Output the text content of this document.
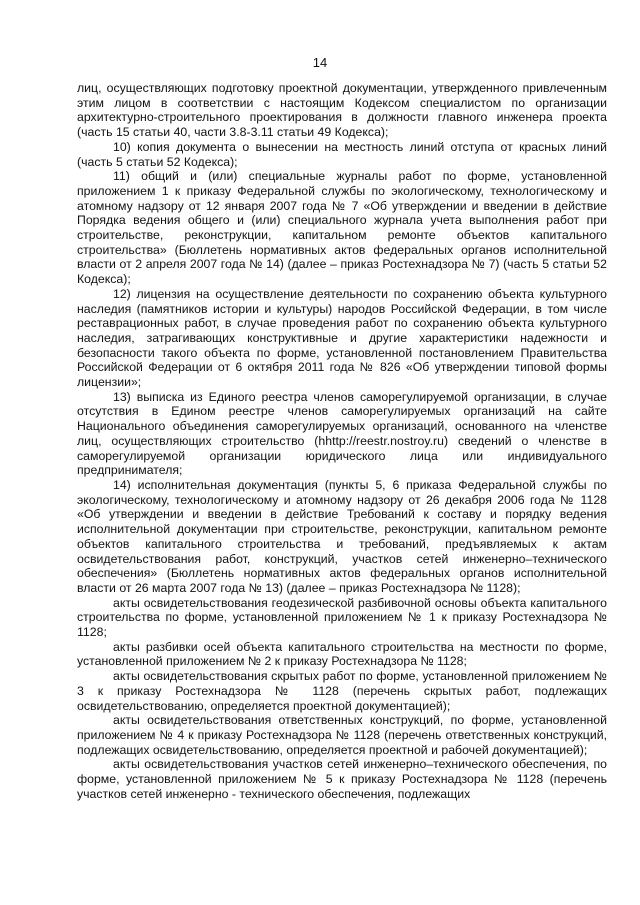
14

лиц, осуществляющих подготовку проектной документации, утвержденного привлеченным этим лицом в соответствии с настоящим Кодексом специалистом по организации архитектурно-строительного проектирования в должности главного инженера проекта (часть 15 статьи 40, части 3.8-3.11 статьи 49 Кодекса);

10) копия документа о вынесении на местность линий отступа от красных линий (часть 5 статьи 52 Кодекса);

11) общий и (или) специальные журналы работ по форме, установленной приложением 1 к приказу Федеральной службы по экологическому, технологическому и атомному надзору от 12 января 2007 года № 7 «Об утверждении и введении в действие Порядка ведения общего и (или) специального журнала учета выполнения работ при строительстве, реконструкции, капитальном ремонте объектов капитального строительства» (Бюллетень нормативных актов федеральных органов исполнительной власти от 2 апреля 2007 года № 14) (далее – приказ Ростехнадзора № 7) (часть 5 статьи 52 Кодекса);

12) лицензия на осуществление деятельности по сохранению объекта культурного наследия (памятников истории и культуры) народов Российской Федерации, в том числе реставрационных работ, в случае проведения работ по сохранению объекта культурного наследия, затрагивающих конструктивные и другие характеристики надежности и безопасности такого объекта по форме, установленной постановлением Правительства Российской Федерации от 6 октября 2011 года № 826 «Об утверждении типовой формы лицензии»;

13) выписка из Единого реестра членов саморегулируемой организации, в случае отсутствия в Едином реестре членов саморегулируемых организаций на сайте Национального объединения саморегулируемых организаций, основанного на членстве лиц, осуществляющих строительство (hhttp://reestr.nostroy.ru) сведений о членстве в саморегулируемой организации юридического лица или индивидуального предпринимателя;

14) исполнительная документация (пункты 5, 6 приказа Федеральной службы по экологическому, технологическому и атомному надзору от 26 декабря 2006 года № 1128 «Об утверждении и введении в действие Требований к составу и порядку ведения исполнительной документации при строительстве, реконструкции, капитальном ремонте объектов капитального строительства и требований, предъявляемых к актам освидетельствования работ, конструкций, участков сетей инженерно–технического обеспечения» (Бюллетень нормативных актов федеральных органов исполнительной власти от 26 марта 2007 года № 13) (далее – приказ Ростехнадзора № 1128);

акты освидетельствования геодезической разбивочной основы объекта капитального строительства по форме, установленной приложением № 1 к приказу Ростехнадзора № 1128;

акты разбивки осей объекта капитального строительства на местности по форме, установленной приложением № 2 к приказу Ростехнадзора № 1128;

акты освидетельствования скрытых работ по форме, установленной приложением № 3 к приказу Ростехнадзора № 1128 (перечень скрытых работ, подлежащих освидетельствованию, определяется проектной документацией);

акты освидетельствования ответственных конструкций, по форме, установленной приложением № 4 к приказу Ростехнадзора № 1128 (перечень ответственных конструкций, подлежащих освидетельствованию, определяется проектной и рабочей документацией);

акты освидетельствования участков сетей инженерно–технического обеспечения, по форме, установленной приложением № 5 к приказу Ростехнадзора № 1128 (перечень участков сетей инженерно - технического обеспечения, подлежащих
